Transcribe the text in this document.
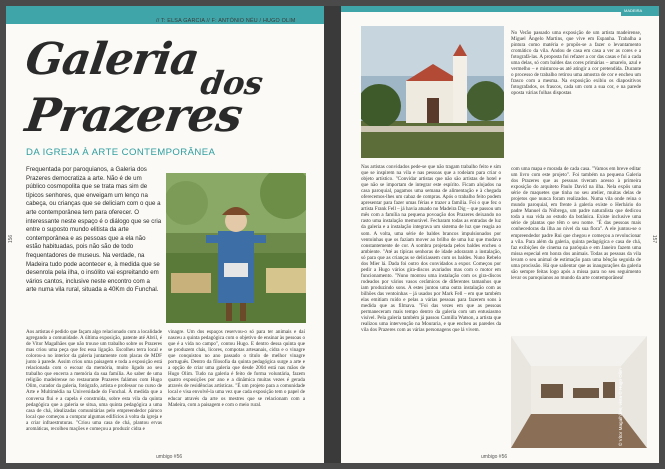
// T: ELSA GARCIA // F: ANTÓNIO NÉU / HUGO OLIM
Galeria
dos
Prazeres
DA IGREJA À ARTE CONTEMPORÂNEA
Frequentada por paroquianos, a Galeria dos Prazeres democratiza a arte. Não é de um público cosmopolita que se trata mas sim de típicos senhores, que enveigam um lenço na cabeça, ou crianças que se deliciam com o que a arte contemporânea tem para oferecer. O interessante neste espaço é o diálogo que se cria entre o suposto mundo elitista da arte contemporânea e as pessoas que a ela não estão habituadas, pois não são de todo frequentadores de museus. Na verdade, na Madeira tudo pode acontecer e, à medida que se desenrola pela ilha, o insólito vai espreitando em vários cantos, inclusive neste encontro com a arte numa vila rural, situada a 40Km do Funchal.
Aos artistas é pedido que façam algo relacionado com a localidade agregando a comunidade. A última exposição, patente até Abril, é de Vítor Magalhães que não trouxe um trabalho sobre os Prazeres mas criou uma peça que fez essa ligação. Escolheu terra local e colorou-a no interior da galeria juntamente com placas de MDF junto à parede. Assim criou uma paisagem e toda a exposição está relacionada com o escoar da memória, muito ligado ao seu trabalho que encerra a memória da sua família. Ao saber de uma religião madeirense no restaurante Prazeres falámos com Hugo Olim, curador da galeria, fotógrafo, artista e professor no curso de Arte e Multimédia na Universidade do Funchal. À medida que a conversa flui e a capela é construída, sobre esta vila da quinta pedagógica que a galeria se situa, uma quinta pedagógica a uma casa de chá, idealizadas comunitárias pelo empreendedor pároco local que começou a comprar algumas edifícios à volta da igreja e a criar infraestruturas. "Criou uma casa de chá, plantou ervas aromáticas, recolheu mações e começou a produzir cidra e
vinagre. Um dos espaços reservou-o só para ter animais e daí nasceu a quinta pedagógica com o objetivo de ensinar às pessoas o que é a vida no campo", contou Hugo. E dentro dessa quinta que se produzem chás, licores, compotas artesanais, cidra e o vinagre que conquistou no ano passado o título de melhor vinagre português. Dentro da filosofia da quinta pedagógica surge a arte e a opção de criar uma galeria que desde 2004 está nas mãos de Hugo Olim. Tudo na galeria é feito de forma voluntária, fazem quatro exposições por ano e a dinâmica muitas vezes é gerada através de residências artísticas. "É um projeto para a comunidade local e visa envolvê-la uma vez que cada exposição tem o papel de educar através da arte os mestres que se relacionam com a Madeira, com a paisagem e com o meio rural.
156
umbigo #56
MADEIRA
No Verão passado uma exposição de um artista madeirense, Miguel Ângelo Martins, que vive em Espanha. Trabalha a pintura como matéria e propôs-se a fazer o levantamento cromático da vila. Andou de casa em casa a ver as cores e a fotografá-las. A proposta foi refazer a cor das casas e foi a cada uma delas, só com baldes das cores primárias – amarelo, azul e vermelho – e misturou-as até atingir a cor pretendida. Durante o processo de trabalho retirou uma amostra de cor e encheu um frasco com a mesma. Na exposição exibiu os diapositivos fotografados, os frascos, cada um com a sua cor, e na parede oposta várias folhas dispostas
Nas artistas convidados pede-se que não tragam trabalho feito e sim que se inspirem na vila e nas pessoas que a rodeiam para criar o objeto artístico. "Convidar artistas que não são artistas de hotel e que não se importam de integrar este espírito. Ficam alojados na casa paroquial, pagamos uma semana de alimentação e à chegada oferecemos-lhes um cabaz de compras. Após o trabalho feito podem apresentar para fazer umas férias e trazer a família. Foi o que fez o artista Frank Fell – já havia atuado no Madeira Dig – que passou um mês com a família na pequena povoação dos Prazeres deixando no rasto uma instalação memorável. Fecharam todas as entradas de luz da galeria e a instalação integrava um sistema de luz que reagia ao som. A volta, uma série de baldes brancos impulsionados por ventoinhas que os faziam mover ao brilho de uma luz que mudava constantemente de cor. A sombra projetada pelos baldes encheu o ambiente. "Até as típicas senhoras de idade adoraram a instalação, só para que as crianças se deliciassem com os baldes. Nuno Rebelo dos Mier lá. Dada foi outro dos convidados a expor. Começou por pedir a Hugo vários gira-discos avariados mas com o motor em funcionamento. "Nuno montou uma instalação com os gira-discos rodeados por vários vasos cerâmicos de diferentes tamanhos que iam produzindo sons. A estes juntou uma outra instalação com as bilhões das ventoinhas – já usados por Mark Fell – em que também elas emitiam ruído e pelas a várias pessoas para fazerem sons à medida que as filmava. "Foi das vezes em que as pessoas permaneceram mais tempo dentro da galeria com um entusiasmo visível. Pela galeria também já passou Camilla Watson, a artista que realizou uma intervenção na Mouraria, e que encheu as paredes da vila dos Prazeres com as várias personagens que lá vivem.
com uma mapa e morada de cada casa. "Vamos em breve editar um livro com este projeto". Foi também na pequena Galeria dos Prazeres que as pessoas tiveram acesso à primeira exposição do arquiteto Paulo David na ilha. Nela expôs uma série de maquetes que tinha no seu atelier, muitas delas de projetos que nunca foram realizados. Numa vila onde reina o mundo paroquial, em frente à galeria existe o Herbário do padre Manuel da Nóbrega, um padre naturalista que dedicou toda a sua vida ao estudo da botânica. Existe inclusive uma série de plantas que têm o seu nome. "É das pessoas mais conhecedoras da ilha ao nível da sua flora". A ele juntou-se o empreendedor padre Rui que chegou e começou a revolucionar a vila. Para além da galeria, quinta pedagógica e casa de chá, faz exibições de cinema na paróquia e em Janeiro fazem uma missa especial em honra dos animais. Todas as pessoas da vila levam o seu animal de estimação para uma bênção seguida de uma procissão. Há que salientar que as inaugurações da galeria são sempre feitas logo após a missa para no seu seguimento levar os paroquianos ao mundo da arte contemporânea!
© Vítor Magalhães, vista © Hugo Olim
157
umbigo #56
